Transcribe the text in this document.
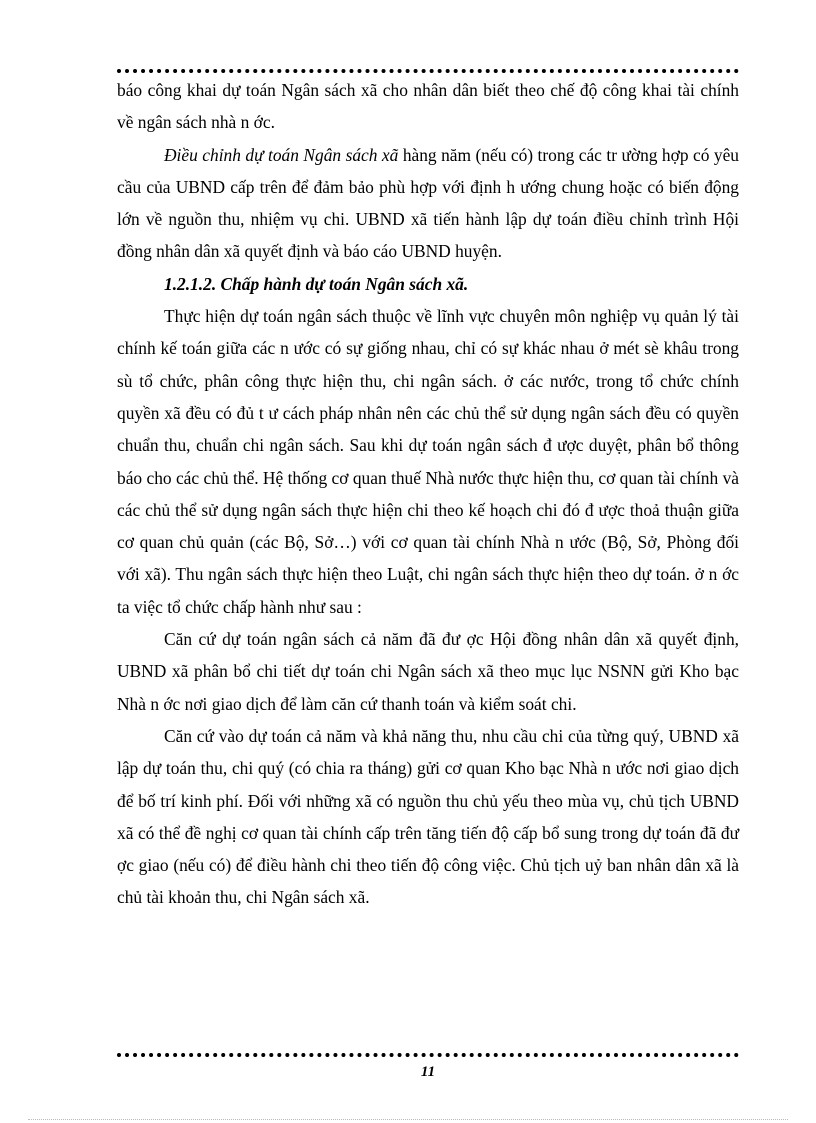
báo công khai dự toán Ngân sách xã cho nhân dân biết theo chế độ công khai tài chính về ngân sách nhà n ớc.

Điều chỉnh dự toán Ngân sách xã hàng năm (nếu có) trong các tr ường hợp có yêu cầu của UBND cấp trên để đảm bảo phù hợp với định h ướng chung hoặc có biến động lớn về nguồn thu, nhiệm vụ chi. UBND xã tiến hành lập dự toán điều chỉnh trình Hội đồng nhân dân xã quyết định và báo cáo UBND huyện.

1.2.1.2. Chấp hành dự toán Ngân sách xã.

Thực hiện dự toán ngân sách thuộc về lĩnh vực chuyên môn nghiệp vụ quản lý tài chính kế toán giữa các n ước có sự giống nhau, chỉ có sự khác nhau ở mét sè khâu trong sù tổ chức, phân công thực hiện thu, chi ngân sách. ở các nước, trong tổ chức chính quyền xã đều có đủ t ư cách pháp nhân nên các chủ thể sử dụng ngân sách đều có quyền chuẩn thu, chuẩn chi ngân sách. Sau khi dự toán ngân sách đ ược duyệt, phân bổ thông báo cho các chủ thể. Hệ thống cơ quan thuế Nhà nước thực hiện thu, cơ quan tài chính và các chủ thể sử dụng ngân sách thực hiện chi theo kế hoạch chi đó đ ược thoả thuận giữa cơ quan chủ quản (các Bộ, Sở…) với cơ quan tài chính Nhà n ước (Bộ, Sở, Phòng đối với xã). Thu ngân sách thực hiện theo Luật, chi ngân sách thực hiện theo dự toán. ở n ớc ta việc tổ chức chấp hành như sau :

Căn cứ dự toán ngân sách cả năm đã đư ợc Hội đồng nhân dân xã quyết định, UBND xã phân bổ chi tiết dự toán chi Ngân sách xã theo mục lục NSNN gửi Kho bạc Nhà n ớc nơi giao dịch để làm căn cứ thanh toán và kiểm soát chi.

Căn cứ vào dự toán cả năm và khả năng thu, nhu cầu chi của từng quý, UBND xã lập dự toán thu, chi quý (có chia ra tháng) gửi cơ quan Kho bạc Nhà n ước nơi giao dịch để bố trí kinh phí. Đối với những xã có nguồn thu chủ yếu theo mùa vụ, chủ tịch UBND xã có thể đề nghị cơ quan tài chính cấp trên tăng tiến độ cấp bổ sung trong dự toán đã đư ợc giao (nếu có) để điều hành chi theo tiến độ công việc. Chủ tịch uỷ ban nhân dân xã là chủ tài khoản thu, chi Ngân sách xã.

11
